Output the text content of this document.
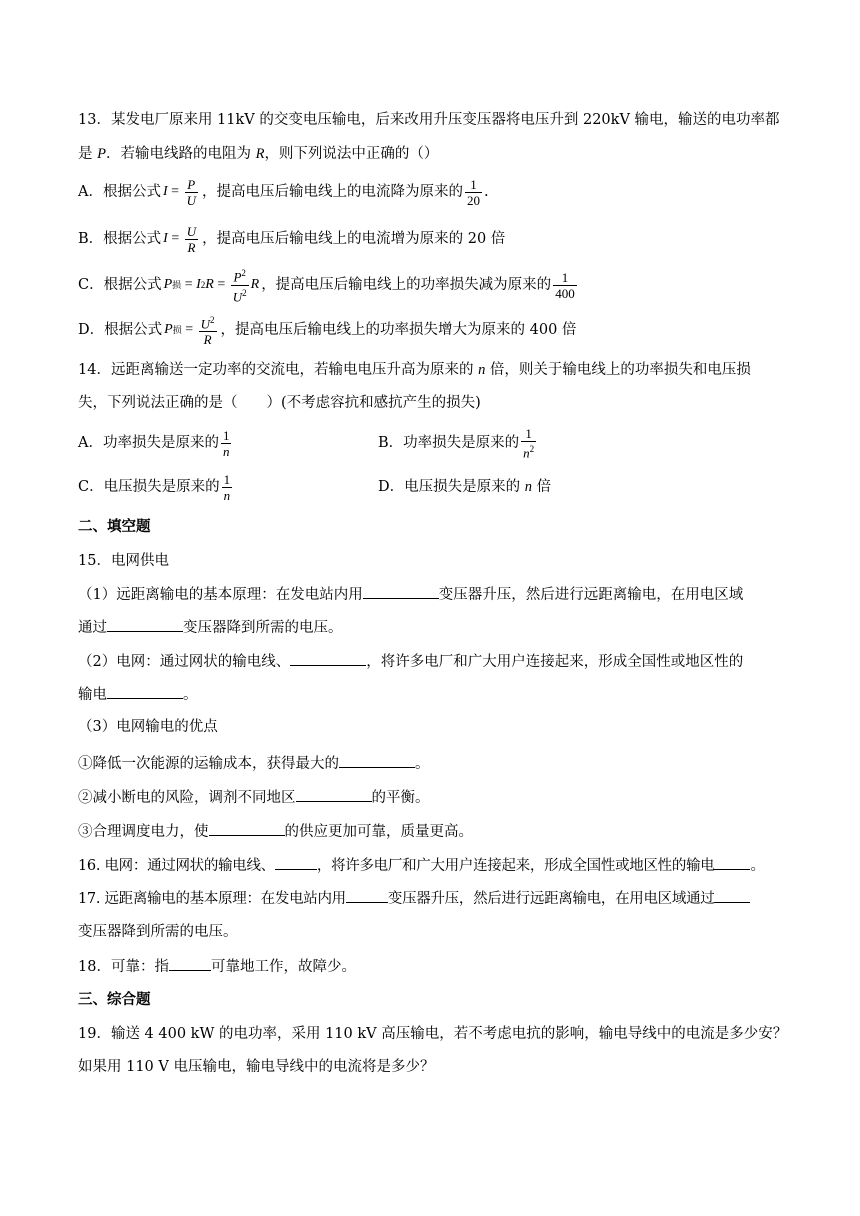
13．某发电厂原来用 11kV 的交变电压输电，后来改用升压变压器将电压升到 220kV 输电，输送的电功率都
是 P．若输电线路的电阻为 R，则下列说法中正确的（）
A．根据公式 $I = \frac{P}{U}$ ，提高电压后输电线上的电流降为原来的 $\frac{1}{20}$ .
B．根据公式 $I = \frac{U}{R}$ ，提高电压后输电线上的电流增为原来的 20 倍
C．根据公式 P 损 = I 2 $R = \frac{P^2}{U^2}$ R ，提高电压后输电线上的功率损失减为原来的 $\frac{1}{400}$
D．根据公式 P 损 = $\frac{U^2}{R}$ ，提高电压后输电线上的功率损失增大为原来的 400 倍
14．远距离输送一定功率的交流电，若输电电压升高为原来的 n 倍，则关于输电线上的功率损失和电压损
失，下列说法正确的是（　　）(不考虑容抗和感抗产生的损失)
A．功率损失是原来的 $\frac{1}{n}$	B．功率损失是原来的 $\frac{1}{n^2}$
C．电压损失是原来的 $\frac{1}{n}$	D．电压损失是原来的 n 倍
二、填空题
15．电网供电
（1）远距离输电的基本原理：在发电站内用	变压器升压，然后进行远距离输电，在用电区域
通过	变压器降到所需的电压。
（2）电网：通过网状的输电线、	，将许多电厂和广大用户连接起来，形成全国性或地区性的
输电	。
（3）电网输电的优点
①降低一次能源的运输成本，获得最大的	。
②减小断电的风险，调剂不同地区	的平衡。
③合理调度电力，使	的供应更加可靠，质量更高。
16. 电网：通过网状的输电线、	，将许多电厂和广大用户连接起来，形成全国性或地区性的输电 。
17. 远距离输电的基本原理：在发电站内用	变压器升压，然后进行远距离输电，在用电区域通过
变压器降到所需的电压。
18．可靠：指	可靠地工作，故障少。
三、综合题
19．输送 4 400 kW 的电功率，采用 110 kV 高压输电，若不考虑电抗的影响，输电导线中的电流是多少安？
如果用 110 V 电压输电，输电导线中的电流将是多少？
